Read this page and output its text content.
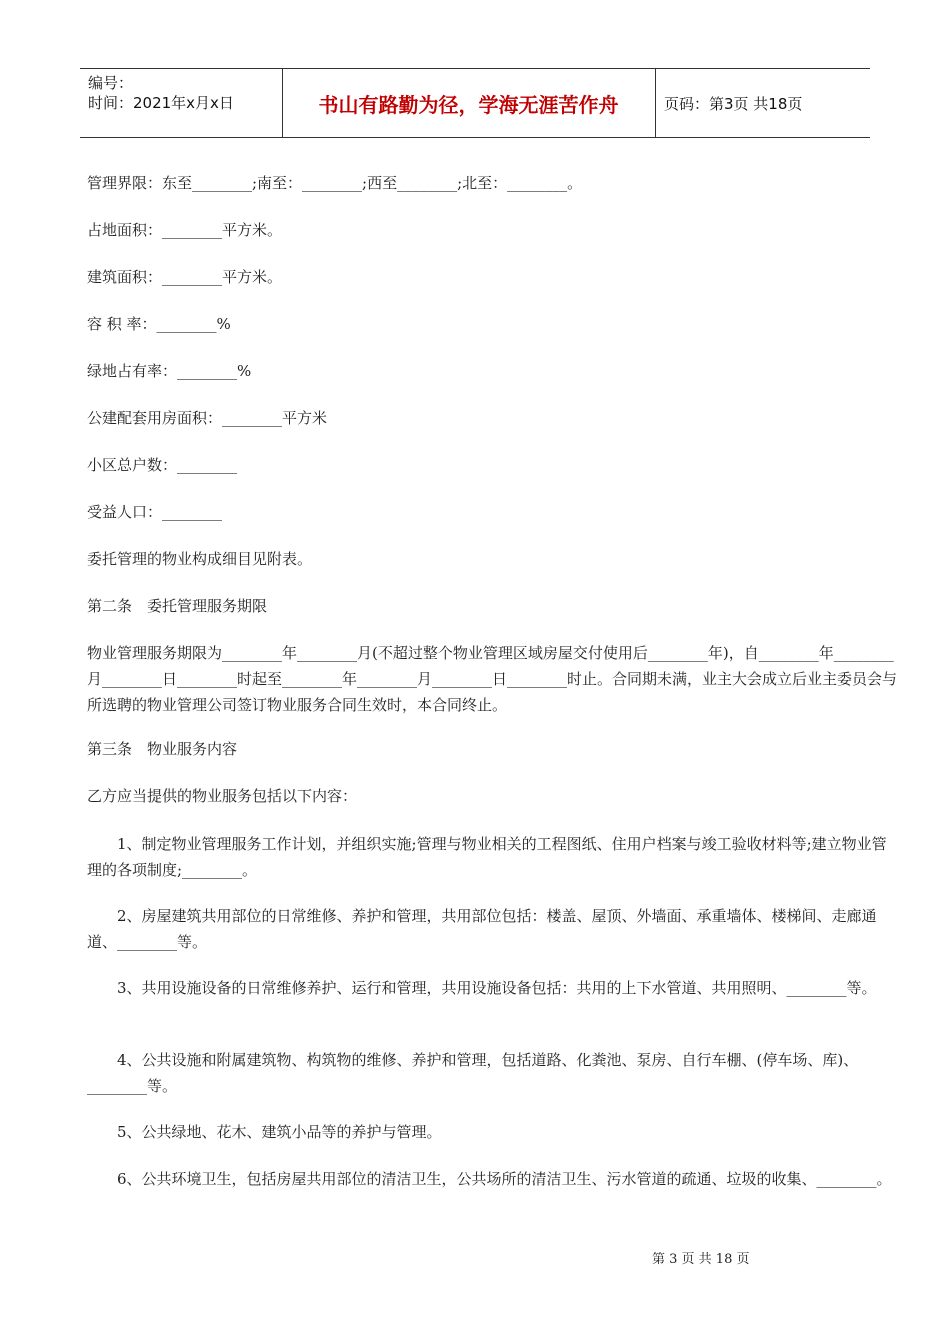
编号：
时间：2021年x月x日	书山有路勤为径，学海无涯苦作舟	页码：第3页 共18页

管理界限：东至________;南至：________;西至________;北至：________。

占地面积：________平方米。

建筑面积：________平方米。

容 积 率：________%

绿地占有率：________%

公建配套用房面积：________平方米

小区总户数：________

受益人口：________

委托管理的物业构成细目见附表。

第二条　委托管理服务期限

物业管理服务期限为________年________月(不超过整个物业管理区域房屋交付使用后________年)，自________年________月________日________时起至________年________月________日________时止。合同期未满，业主大会成立后业主委员会与所选聘的物业管理公司签订物业服务合同生效时，本合同终止。

第三条　物业服务内容

乙方应当提供的物业服务包括以下内容：

　　1、制定物业管理服务工作计划，并组织实施;管理与物业相关的工程图纸、住用户档案与竣工验收材料等;建立物业管理的各项制度;________。

　　2、房屋建筑共用部位的日常维修、养护和管理，共用部位包括：楼盖、屋顶、外墙面、承重墙体、楼梯间、走廊通道、________等。

　　3、共用设施设备的日常维修养护、运行和管理，共用设施设备包括：共用的上下水管道、共用照明、________等。

　　4、公共设施和附属建筑物、构筑物的维修、养护和管理，包括道路、化粪池、泵房、自行车棚、(停车场、库)、________等。

　　5、公共绿地、花木、建筑小品等的养护与管理。

　　6、公共环境卫生，包括房屋共用部位的清洁卫生，公共场所的清洁卫生、污水管道的疏通、垃圾的收集、________。

第 3 页 共 18 页
